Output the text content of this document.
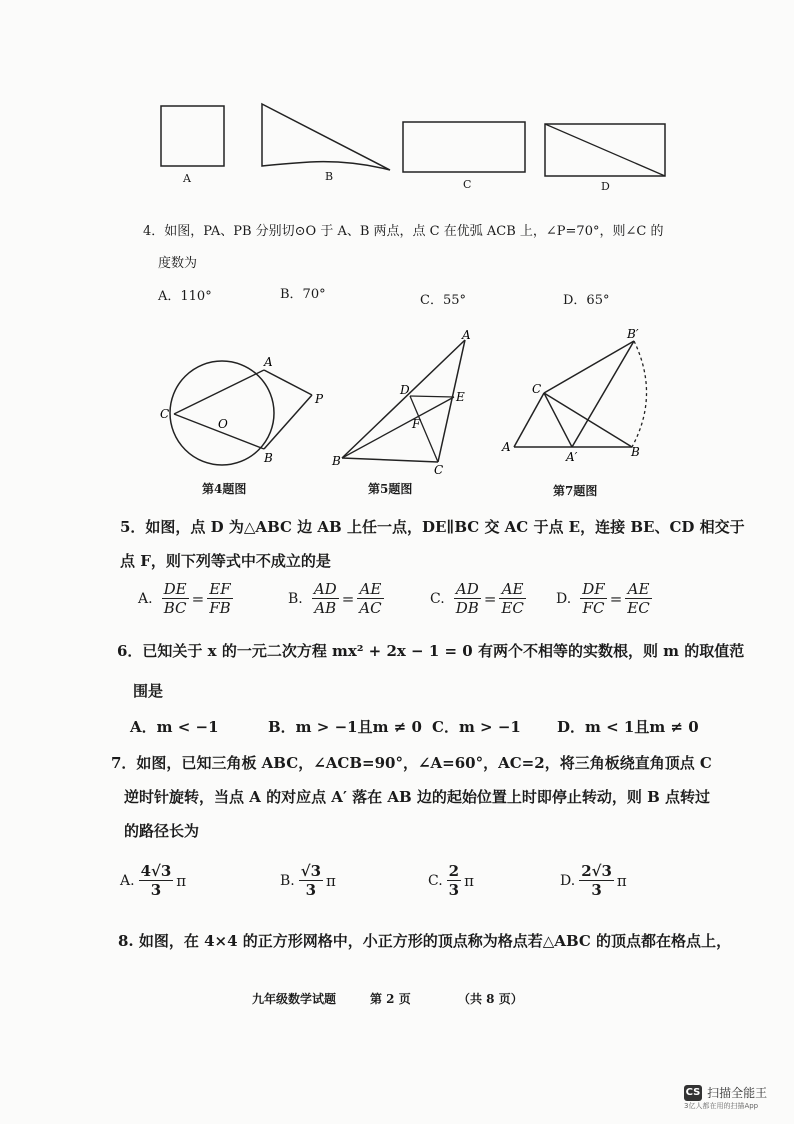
A	B
C	D
4．如图，PA、PB 分别切⊙O 于 A、B 两点，点 C 在优弧 ACB 上，∠P=70°，则∠C 的
度数为
A．110°	B．70°	C．55°	D．65°
A
C
O
P
B
第4题图
A
D	E
F
B
C
第5题图
B′
C
A
A′	B
第7题图
5．如图，点 D 为△ABC 边 AB 上任一点，DE∥BC 交 AC 于点 E，连接 BE、CD 相交于
点 F，则下列等式中不成立的是
A. $\frac{DE}{BC} = \frac{EF}{FB}$	B. $\frac{AD}{AB} = \frac{AE}{AC}$	C. $\frac{AD}{DB} = \frac{AE}{EC} D$. $\frac{DF}{FC} = \frac{AE}{EC}$
6．已知关于 x 的一元二次方程 mx² + 2x − 1 = 0 有两个不相等的实数根，则 m 的取值范
围是
A．m < −1	B．m > −1且m ≠ 0 C．m > −1 D．m < 1且m ≠ 0
7．如图，已知三角板 ABC，∠ACB=90°，∠A=60°，AC=2，将三角板绕直角顶点 C
逆时针旋转，当点 A 的对应点 A′ 落在 AB 边的起始位置上时即停止转动，则 B 点转过
的路径长为
A. $\frac{4√3}{3}$ π	B. $\frac{√3}{3}$ π	C. $\frac{2}{3}$ π	D. $\frac{2√3}{3}$ π
8. 如图，在 4×4 的正方形网格中，小正方形的顶点称为格点若△ABC 的顶点都在格点上，
九年级数学试题	第 2 页	（共 8 页）
CS 扫描全能王
3亿人都在用的扫描App
